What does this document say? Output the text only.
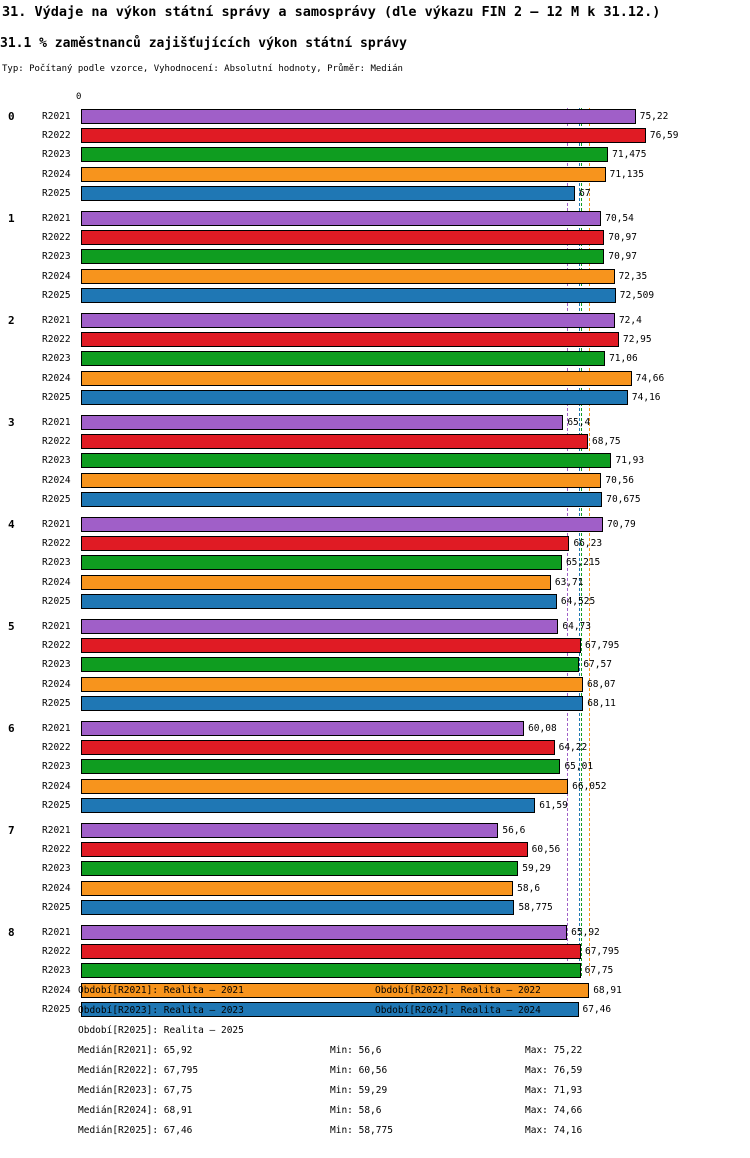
31. Výdaje na výkon státní správy a samosprávy (dle výkazu FIN 2 – 12 M k 31.12.)
31.1 % zaměstnanců zajišťujících výkon státní správy
Typ: Počítaný podle vzorce, Vyhodnocení: Absolutní hodnoty, Průměr: Medián
0
0	R2021	75,22
R2022	76,59
R2023	71,475
R2024	71,135
R2025	67
1	R2021	70,54
R2022	70,97
R2023	70,97
R2024	72,35
R2025	72,509
2	R2021	72,4
R2022	72,95
R2023	71,06
R2024	74,66
R2025	74,16
3	R2021	65,4
R2022	68,75
R2023	71,93
R2024	70,56
R2025	70,675
4	R2021	70,79
R2022	66,23
R2023	65,215
R2024	63,71
R2025	64,525
5	R2021	64,73
R2022	67,795
R2023	67,57
R2024	68,07
R2025	68,11
6	R2021	60,08
R2022	64,22
R2023	65,01
R2024	66,052
R2025	61,59
7	R2021	56,6
R2022	60,56
R2023	59,29
R2024	58,6
R2025	58,775
8	R2021	65,92
R2022	67,795
R2023	67,75
R2024	68,91
R2025	67,46
Období[R2021]: Realita – 2021	Období[R2022]: Realita – 2022
Období[R2023]: Realita – 2023	Období[R2024]: Realita – 2024
Období[R2025]: Realita – 2025
Medián[R2021]: 65,92	Min: 56,6	Max: 75,22
Medián[R2022]: 67,795	Min: 60,56	Max: 76,59
Medián[R2023]: 67,75	Min: 59,29	Max: 71,93
Medián[R2024]: 68,91	Min: 58,6	Max: 74,66
Medián[R2025]: 67,46	Min: 58,775	Max: 74,16
